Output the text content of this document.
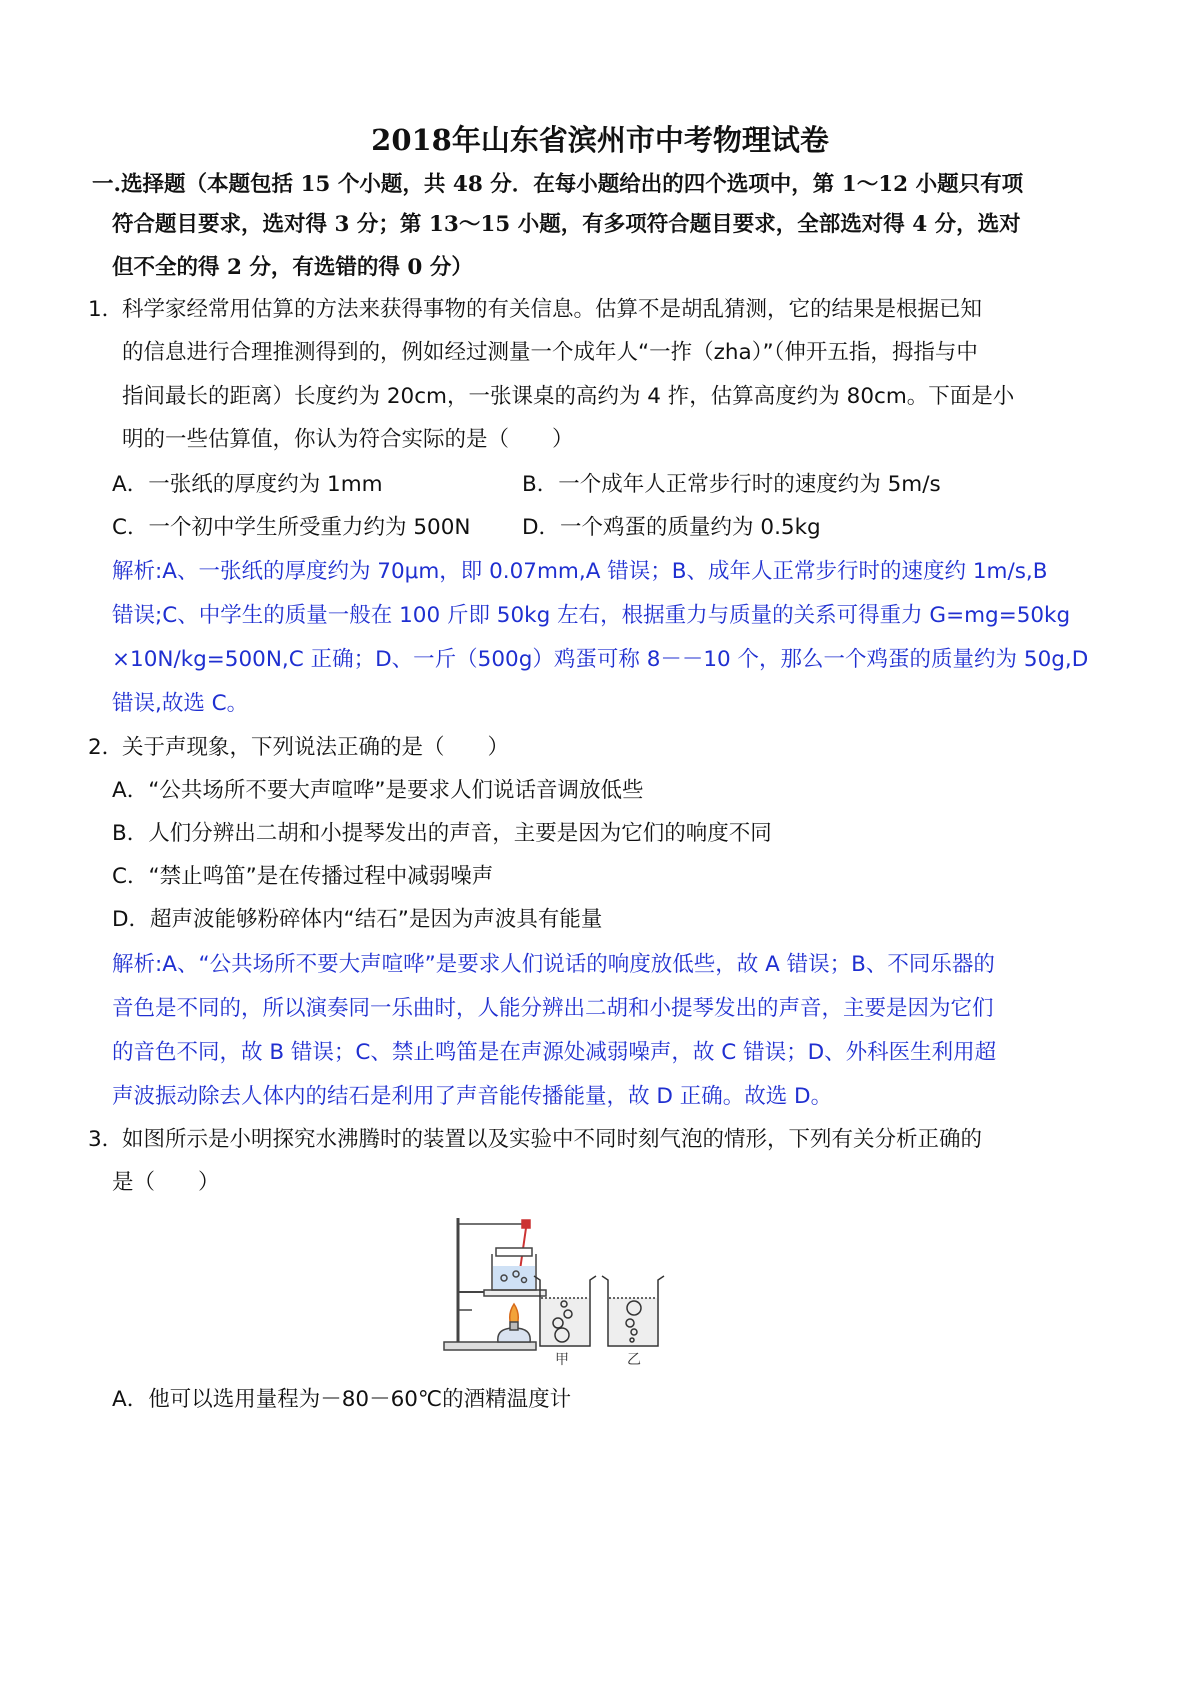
2018年山东省滨州市中考物理试卷
一.选择题（本题包括 15 个小题，共 48 分．在每小题给出的四个选项中，第 1～12 小题只有项
符合题目要求，选对得 3 分；第 13～15 小题，有多项符合题目要求，全部选对得 4 分，选对
但不全的得 2 分，有选错的得 0 分）
1．
科学家经常用估算的方法来获得事物的有关信息。估算不是胡乱猜测，它的结果是根据已知
的信息进行合理推测得到的，例如经过测量一个成年人“一拃（zha）”（伸开五指，拇指与中
指间最长的距离）长度约为 20cm，一张课桌的高约为 4 拃，估算高度约为 80cm。下面是小
明的一些估算值，你认为符合实际的是（　　）
A．一张纸的厚度约为 1mm	B．一个成年人正常步行时的速度约为 5m/s
C．一个初中学生所受重力约为 500N D．一个鸡蛋的质量约为 0.5kg
解析:A、一张纸的厚度约为 70μm，即 0.07mm,A 错误；B、成年人正常步行时的速度约 1m/s,B
错误;C、中学生的质量一般在 100 斤即 50kg 左右，根据重力与质量的关系可得重力 G=mg=50kg
×10N/kg=500N,C 正确；D、一斤（500g）鸡蛋可称 8－－10 个，那么一个鸡蛋的质量约为 50g,D
错误,故选 C。
2．
关于声现象，下列说法正确的是（　　）
A．“公共场所不要大声喧哗”是要求人们说话音调放低些
B．人们分辨出二胡和小提琴发出的声音，主要是因为它们的响度不同
C．“禁止鸣笛”是在传播过程中减弱噪声
D．超声波能够粉碎体内“结石”是因为声波具有能量
解析:A、“公共场所不要大声喧哗”是要求人们说话的响度放低些，故 A 错误；B、不同乐器的
音色是不同的，所以演奏同一乐曲时，人能分辨出二胡和小提琴发出的声音，主要是因为它们
的音色不同，故 B 错误；C、禁止鸣笛是在声源处减弱噪声，故 C 错误；D、外科医生利用超
声波振动除去人体内的结石是利用了声音能传播能量，故 D 正确。故选 D。
3．
如图所示是小明探究水沸腾时的装置以及实验中不同时刻气泡的情形，下列有关分析正确的
是（　　）
甲	乙
A．他可以选用量程为－80－60℃的酒精温度计
